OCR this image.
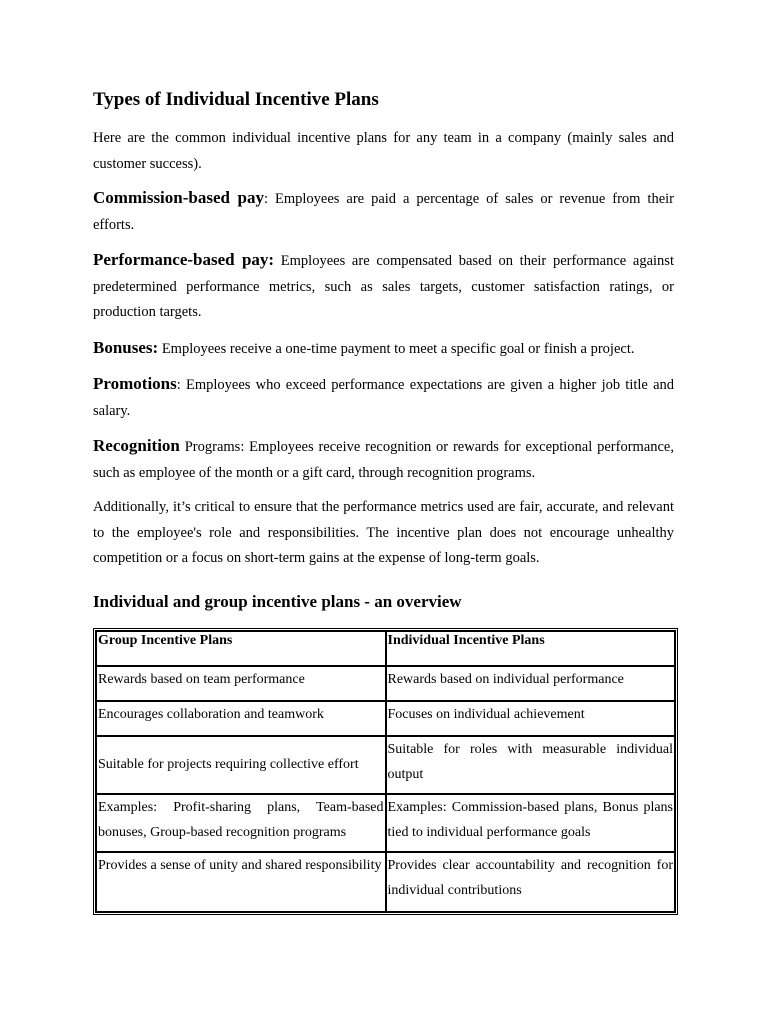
Types of Individual Incentive Plans

Here are the common individual incentive plans for any team in a company (mainly sales and customer success).

Commission-based pay: Employees are paid a percentage of sales or revenue from their efforts.

Performance-based pay: Employees are compensated based on their performance against predetermined performance metrics, such as sales targets, customer satisfaction ratings, or production targets.

Bonuses: Employees receive a one-time payment to meet a specific goal or finish a project.

Promotions: Employees who exceed performance expectations are given a higher job title and salary.

Recognition Programs: Employees receive recognition or rewards for exceptional performance, such as employee of the month or a gift card, through recognition programs.

Additionally, it’s critical to ensure that the performance metrics used are fair, accurate, and relevant to the employee's role and responsibilities. The incentive plan does not encourage unhealthy competition or a focus on short-term gains at the expense of long-term goals.

Individual and group incentive plans - an overview
Group Incentive Plans	Individual Incentive Plans
Rewards based on team performance	Rewards based on individual performance
Encourages collaboration and teamwork	Focuses on individual achievement
Suitable for projects requiring collective effort	Suitable for roles with measurable individual output
Examples: Profit-sharing plans, Team-based bonuses, Group-based recognition programs	Examples: Commission-based plans, Bonus plans tied to individual performance goals
Provides a sense of unity and shared responsibility	Provides clear accountability and recognition for individual contributions
